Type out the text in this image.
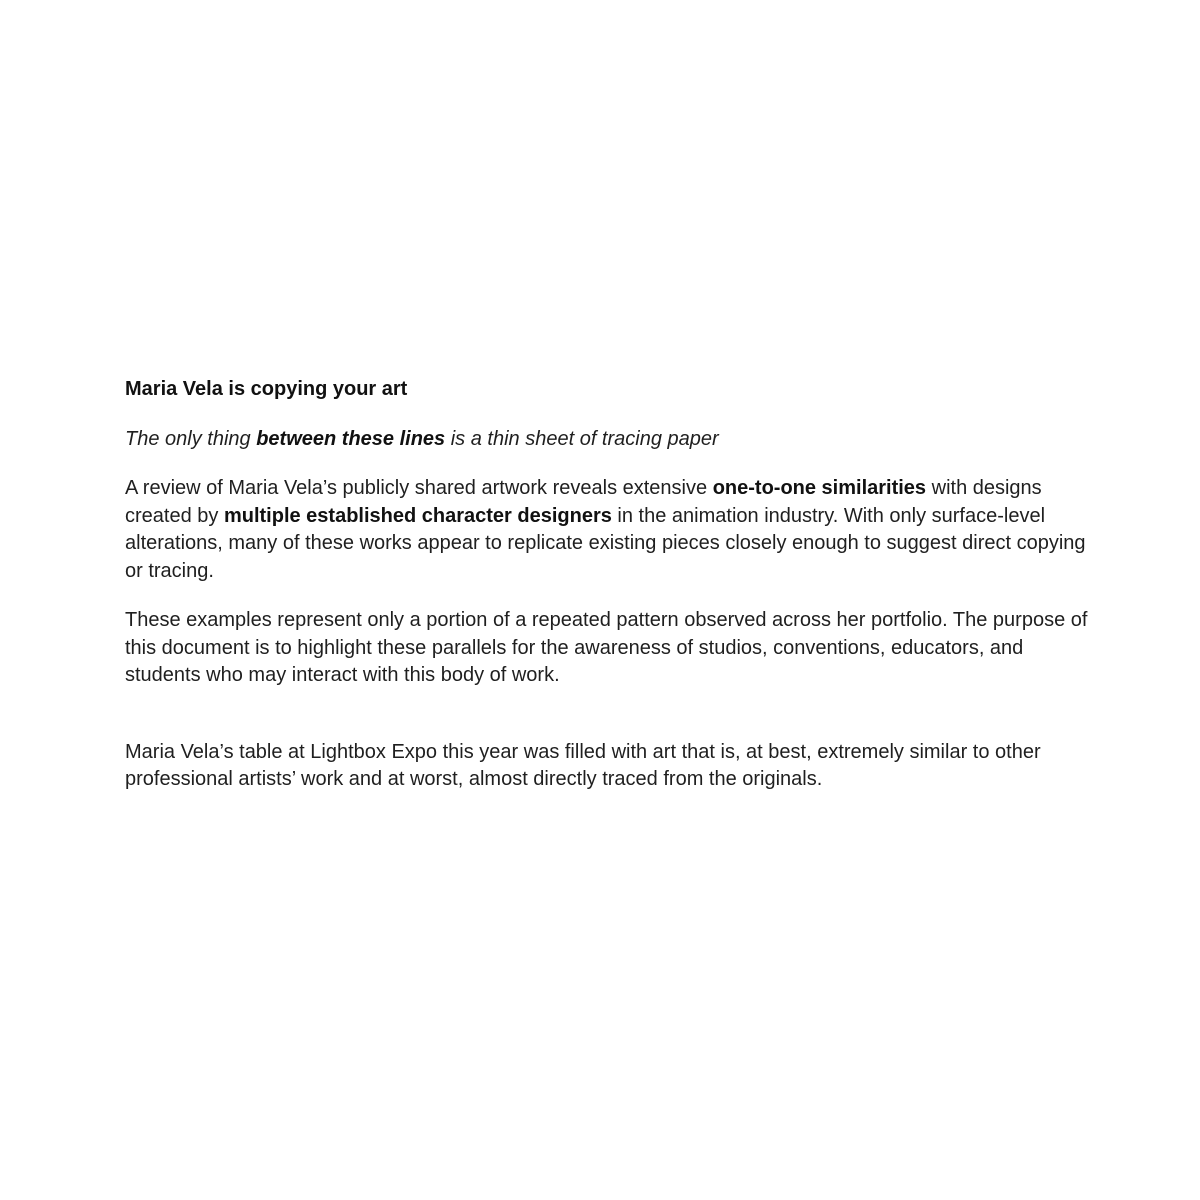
Maria Vela is copying your art

The only thing between these lines is a thin sheet of tracing paper

A review of Maria Vela’s publicly shared artwork reveals extensive one-to-one similarities with designs created by multiple established character designers in the animation industry. With only surface-level alterations, many of these works appear to replicate existing pieces closely enough to suggest direct copying or tracing.

These examples represent only a portion of a repeated pattern observed across her portfolio. The purpose of this document is to highlight these parallels for the awareness of studios, conventions, educators, and students who may interact with this body of work.

Maria Vela’s table at Lightbox Expo this year was filled with art that is, at best, extremely similar to other professional artists’ work and at worst, almost directly traced from the originals.
